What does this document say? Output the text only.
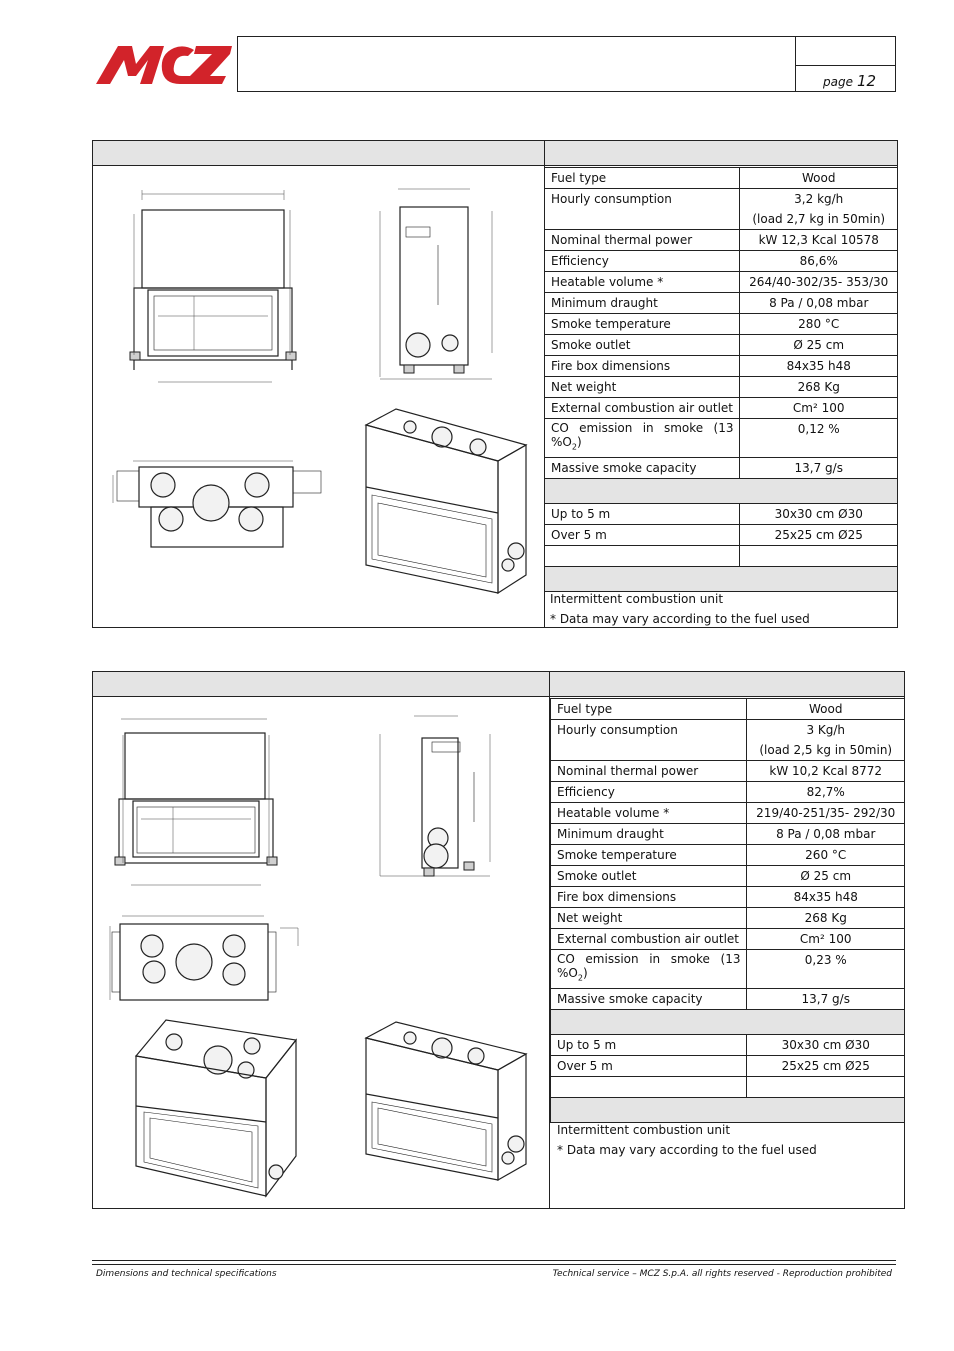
page 12
Fuel type	Wood
Hourly consumption	3,2 kg/h
(load 2,7 kg in 50min)

Nominal thermal power	kW 12,3 Kcal 10578
Efficiency	86,6%
Heatable volume *	264/40-302/35- 353/30
Minimum draught	8 Pa / 0,08 mbar
Smoke temperature	280 °C
Smoke outlet	Ø 25 cm
Fire box dimensions	84x35 h48
Net weight	268 Kg
External combustion air outlet	Cm² 100
CO emission in smoke (13 $\%O_2$)	0,12 %
Massive smoke capacity	13,7 g/s

Up to 5 m	30x30 cm Ø30
Over 5 m	25x25 cm Ø25

Intermittent combustion unit
* Data may vary according to the fuel used
Fuel type	Wood
Hourly consumption	3 Kg/h
(load 2,5 kg in 50min)

Nominal thermal power	kW 10,2 Kcal 8772
Efficiency	82,7%
Heatable volume *	219/40-251/35- 292/30
Minimum draught	8 Pa / 0,08 mbar
Smoke temperature	260 °C
Smoke outlet	Ø 25 cm
Fire box dimensions	84x35 h48
Net weight	268 Kg
External combustion air outlet	Cm² 100
CO emission in smoke (13 $\%O_2$)	0,23 %
Massive smoke capacity	13,7 g/s

Up to 5 m	30x30 cm Ø30
Over 5 m	25x25 cm Ø25

Intermittent combustion unit
* Data may vary according to the fuel used
Dimensions and technical specifications	Technical service – MCZ S.p.A. all rights reserved - Reproduction prohibited
